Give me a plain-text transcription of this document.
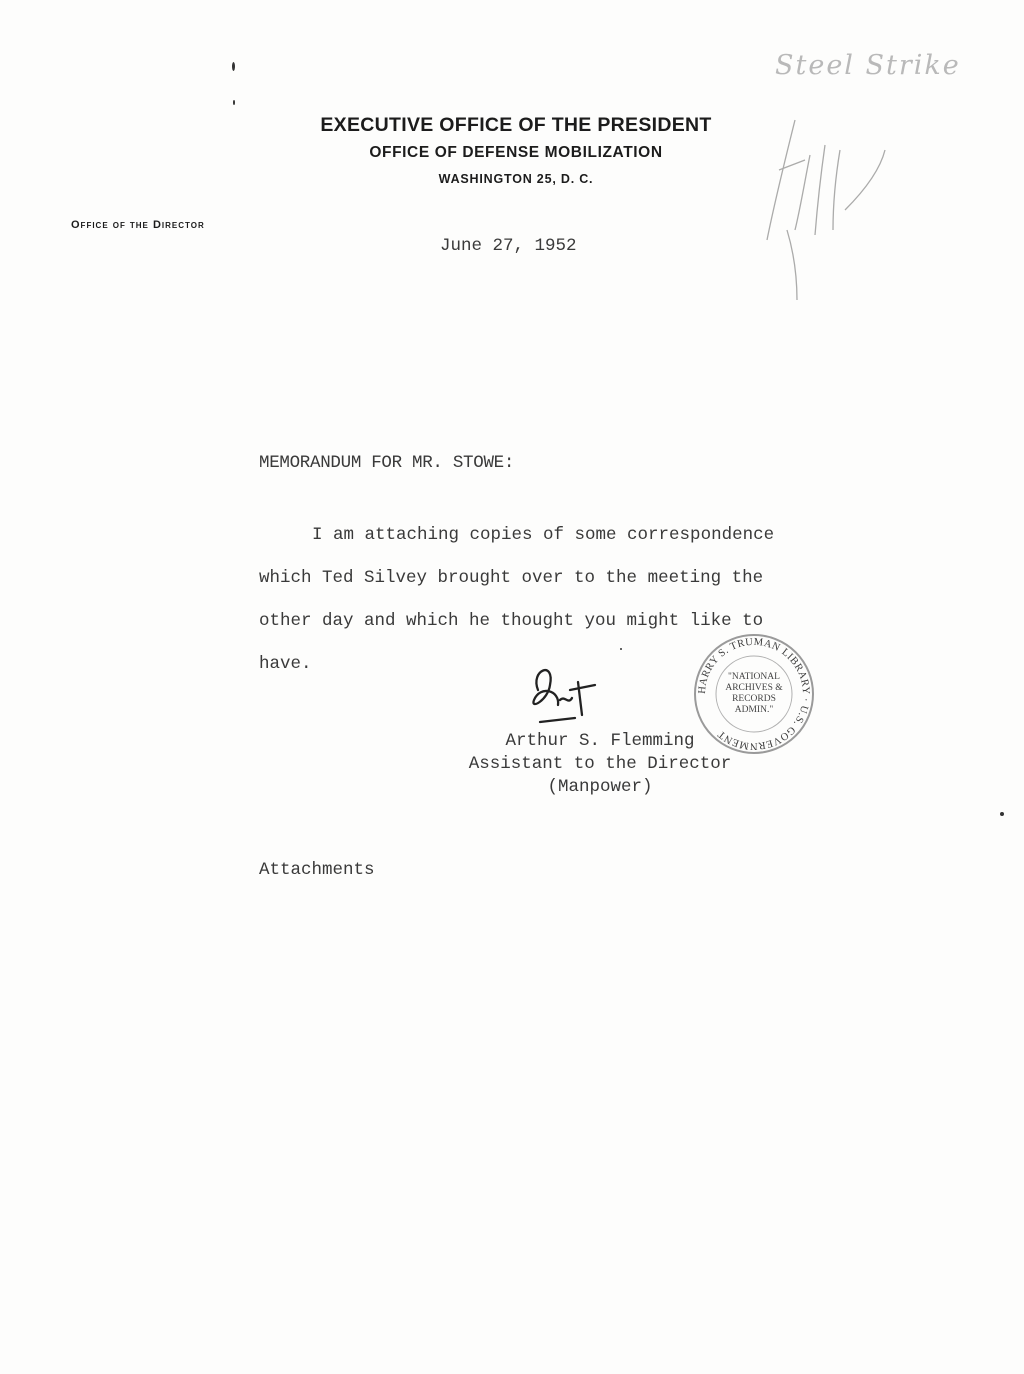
EXECUTIVE OFFICE OF THE PRESIDENT
OFFICE OF DEFENSE MOBILIZATION
WASHINGTON 25, D. C.
Office of the Director
Steel Strike
June 27, 1952
MEMORANDUM FOR MR. STOWE:

I am attaching copies of some correspondence

which Ted Silvey brought over to the meeting the

other day and which he thought you might like to

have.

Arthur S. Flemming
Assistant to the Director
(Manpower)
HARRY S. TRUMAN LIBRARY · U.S. GOVERNMENT
"NATIONAL
ARCHIVES &
RECORDS
ADMIN."
Attachments
